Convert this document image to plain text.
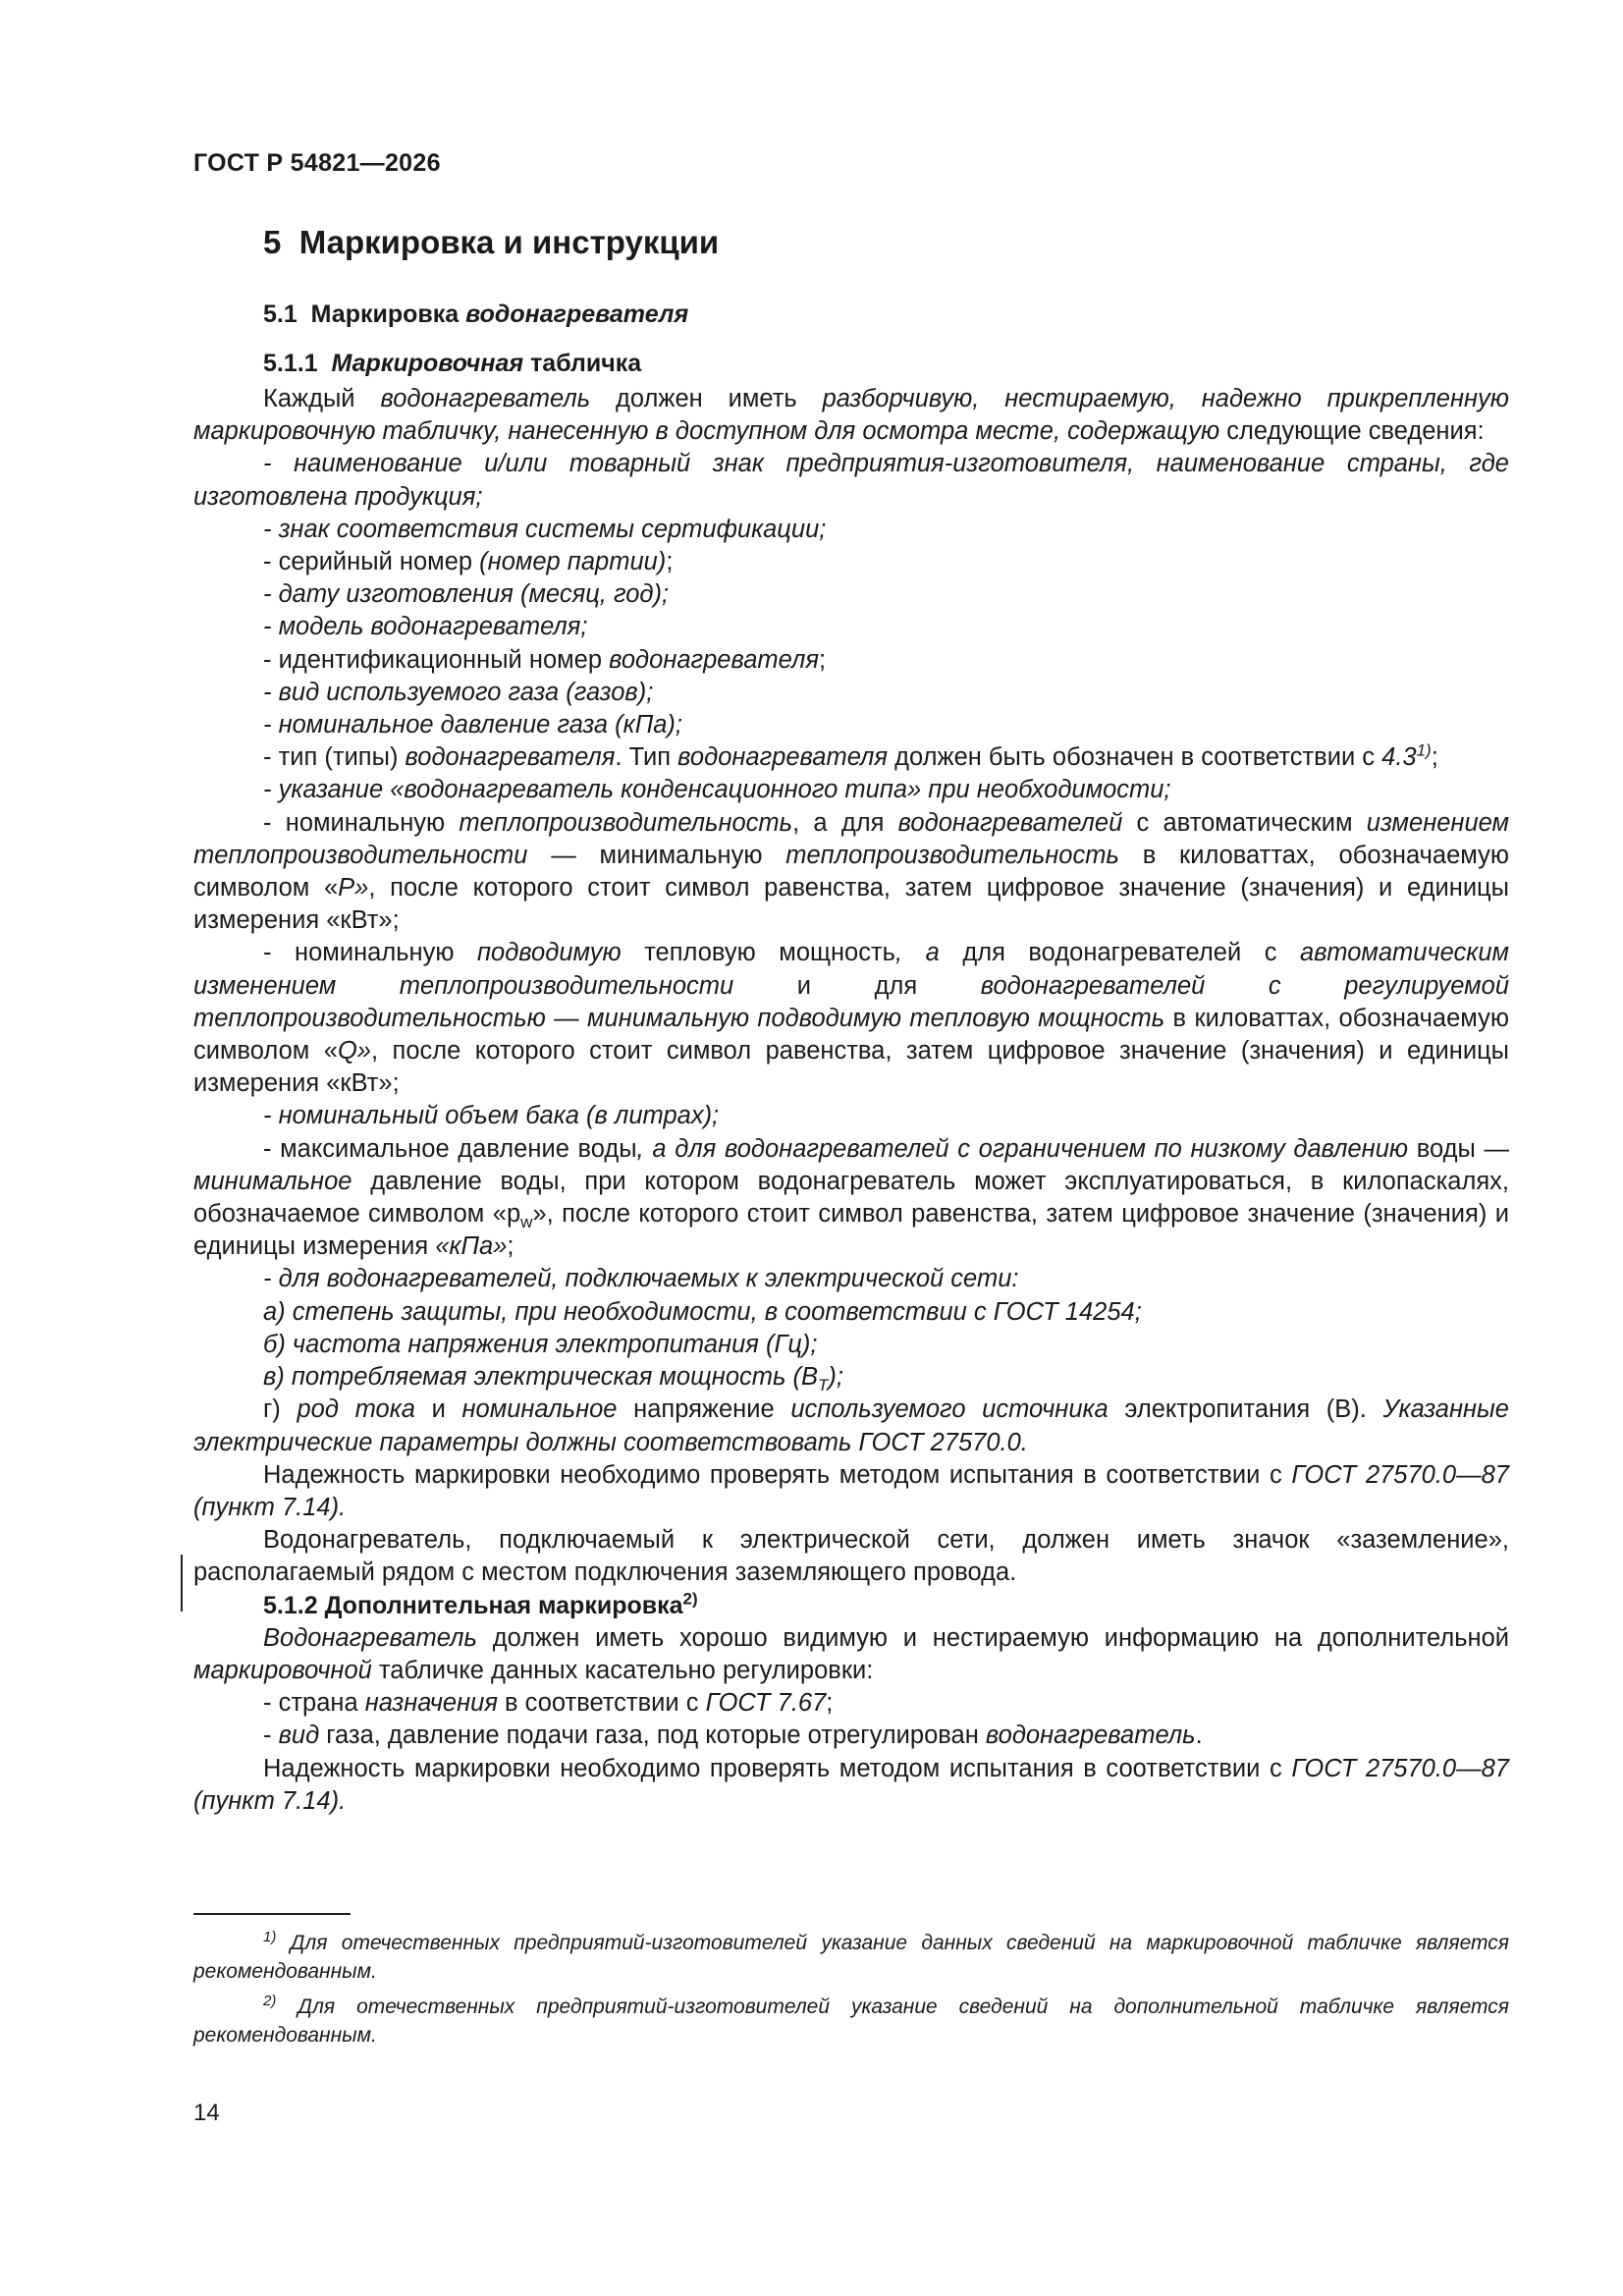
ГОСТ Р 54821—2026
5 Маркировка и инструкции
5.1 Маркировка водонагревателя
5.1.1 Маркировочная табличка

Каждый водонагреватель должен иметь разборчивую, нестираемую, надежно прикрепленную маркировочную табличку, нанесенную в доступном для осмотра месте, содержащую следующие сведения:

- наименование и/или товарный знак предприятия-изготовителя, наименование страны, где изготовлена продукция;

- знак соответствия системы сертификации;

- серийный номер (номер партии);

- дату изготовления (месяц, год);

- модель водонагревателя;

- идентификационный номер водонагревателя;

- вид используемого газа (газов);

- номинальное давление газа (кПа);

- тип (типы) водонагревателя. Тип водонагревателя должен быть обозначен в соответствии с 4.3$^{1)}$;

- указание «водонагреватель конденсационного типа» при необходимости;

- номинальную теплопроизводительность, а для водонагревателей с автоматическим изменением теплопроизводительности — минимальную теплопроизводительность в киловаттах, обозначаемую символом «P», после которого стоит символ равенства, затем цифровое значение (значения) и единицы измерения «кВт»;

- номинальную подводимую тепловую мощность, а для водонагревателей с автоматическим изменением теплопроизводительности и для водонагревателей с регулируемой теплопроизводительностью — минимальную подводимую тепловую мощность в киловаттах, обозначаемую символом «Q», после которого стоит символ равенства, затем цифровое значение (значения) и единицы измерения «кВт»;

- номинальный объем бака (в литрах);

- максимальное давление воды, а для водонагревателей с ограничением по низкому давлению воды — минимальное давление воды, при котором водонагреватель может эксплуатироваться, в килопаскалях, обозначаемое символом «$p_w$», после которого стоит символ равенства, затем цифровое значение (значения) и единицы измерения «кПа»;

- для водонагревателей, подключаемых к электрической сети:

а) степень защиты, при необходимости, в соответствии с ГОСТ 14254;

б) частота напряжения электропитания (Гц);

в) потребляемая электрическая мощность $(В_Т)$;

г) род тока и номинальное напряжение используемого источника электропитания (В). Указанные электрические параметры должны соответствовать ГОСТ 27570.0.

Надежность маркировки необходимо проверять методом испытания в соответствии с ГОСТ 27570.0—87 (пункт 7.14).

Водонагреватель, подключаемый к электрической сети, должен иметь значок «заземление», располагаемый рядом с местом подключения заземляющего провода.

5.1.2 Дополнительная маркировка$^{2)}$

Водонагреватель должен иметь хорошо видимую и нестираемую информацию на дополнительной маркировочной табличке данных касательно регулировки:

- страна назначения в соответствии с ГОСТ 7.67;

- вид газа, давление подачи газа, под которые отрегулирован водонагреватель.

Надежность маркировки необходимо проверять методом испытания в соответствии с ГОСТ 27570.0—87 (пункт 7.14).

$^{1)}$ Для отечественных предприятий-изготовителей указание данных сведений на маркировочной табличке является рекомендованным.

$^{2)}$ Для отечественных предприятий-изготовителей указание сведений на дополнительной табличке является рекомендованным.

14
